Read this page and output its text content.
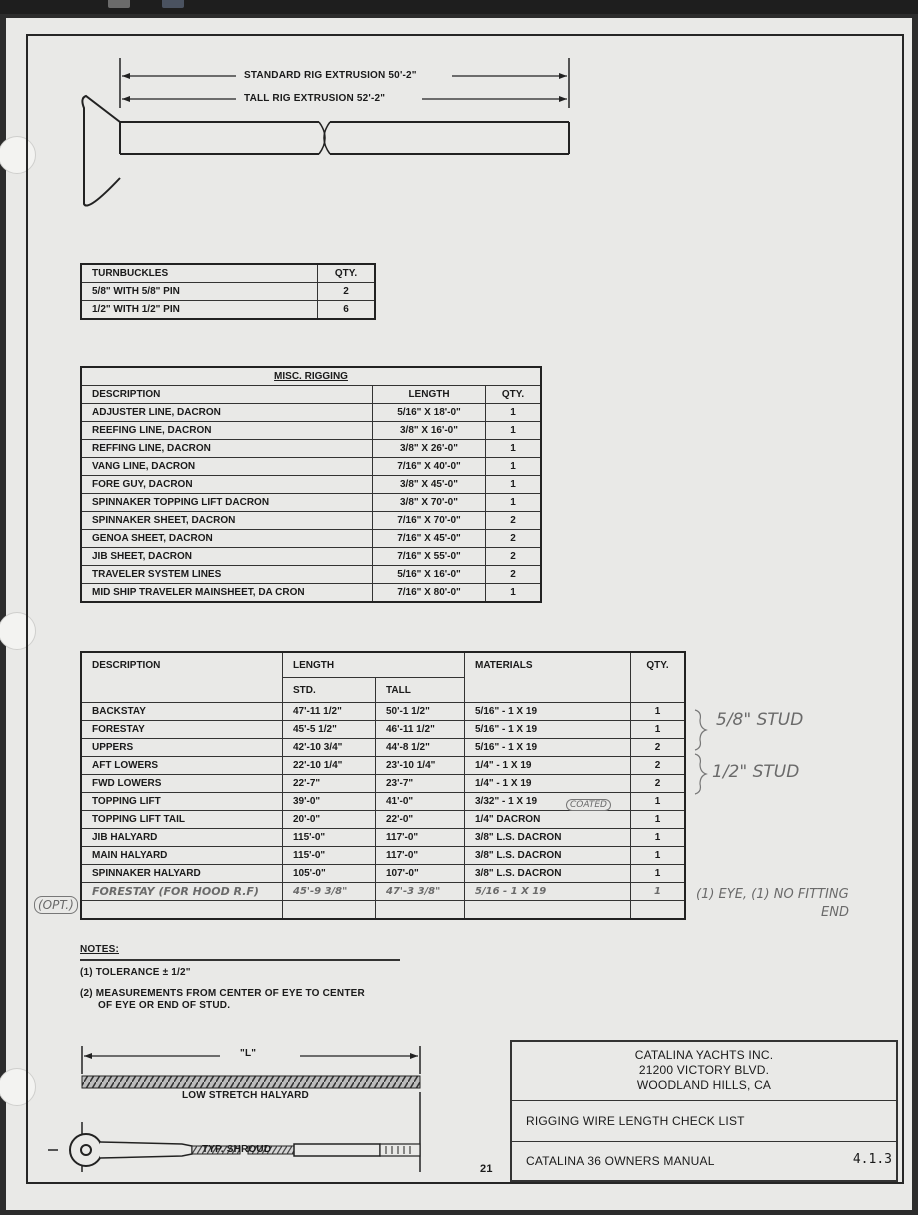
STANDARD RIG EXTRUSION 50'-2"
TALL RIG EXTRUSION 52'-2"
TURNBUCKLES	QTY.
5/8" WITH 5/8" PIN	2
1/2" WITH 1/2" PIN	6
MISC. RIGGING		
DESCRIPTION	LENGTH	QTY.
ADJUSTER LINE, DACRON	5/16" X 18'-0"	1
REEFING LINE, DACRON	3/8" X 16'-0"	1
REFFING LINE, DACRON	3/8" X 26'-0"	1
VANG LINE, DACRON	7/16" X 40'-0"	1
FORE GUY, DACRON	3/8" X 45'-0"	1
SPINNAKER TOPPING LIFT DACRON	3/8" X 70'-0"	1
SPINNAKER SHEET, DACRON	7/16" X 70'-0"	2
GENOA SHEET, DACRON	7/16" X 45'-0"	2
JIB SHEET, DACRON	7/16" X 55'-0"	2
TRAVELER SYSTEM LINES	5/16" X 16'-0"	2
MID SHIP TRAVELER MAINSHEET, DA CRON	7/16" X 80'-0"	1
DESCRIPTION	LENGTH		MATERIALS	QTY.
	STD.	TALL		
BACKSTAY	47'-11 1/2"	50'-1 1/2"	5/16" - 1 X 19	1
FORESTAY	45'-5 1/2"	46'-11 1/2"	5/16" - 1 X 19	1
UPPERS	42'-10 3/4"	44'-8 1/2"	5/16" - 1 X 19	2
AFT LOWERS	22'-10 1/4"	23'-10 1/4"	1/4" - 1 X 19	2
FWD LOWERS	22'-7"	23'-7"	1/4" - 1 X 19	2
TOPPING LIFT	39'-0"	41'-0"	3/32" - 1 X 19	1
TOPPING LIFT TAIL	20'-0"	22'-0"	1/4" DACRON	1
JIB HALYARD	115'-0"	117'-0"	3/8" L.S. DACRON	1
MAIN HALYARD	115'-0"	117'-0"	3/8" L.S. DACRON	1
SPINNAKER HALYARD	105'-0"	107'-0"	3/8" L.S. DACRON	1
FORESTAY (FOR HOOD R.F)	45'-9 3/8"	47'-3 3/8"	5/16 - 1 X 19	1

COATED
5/8" STUD
1/2" STUD
(OPT.)
(1) EYE, (1) NO FITTING
END
NOTES:
(1) TOLERANCE ± 1/2"
(2) MEASUREMENTS FROM CENTER OF EYE TO CENTER
OF EYE OR END OF STUD.
"L"
LOW STRETCH HALYARD
TYP. SHROUD
CATALINA YACHTS INC.
21200 VICTORY BLVD.
WOODLAND HILLS, CA
RIGGING WIRE LENGTH CHECK LIST
CATALINA 36 OWNERS MANUAL	4.1.3
21
